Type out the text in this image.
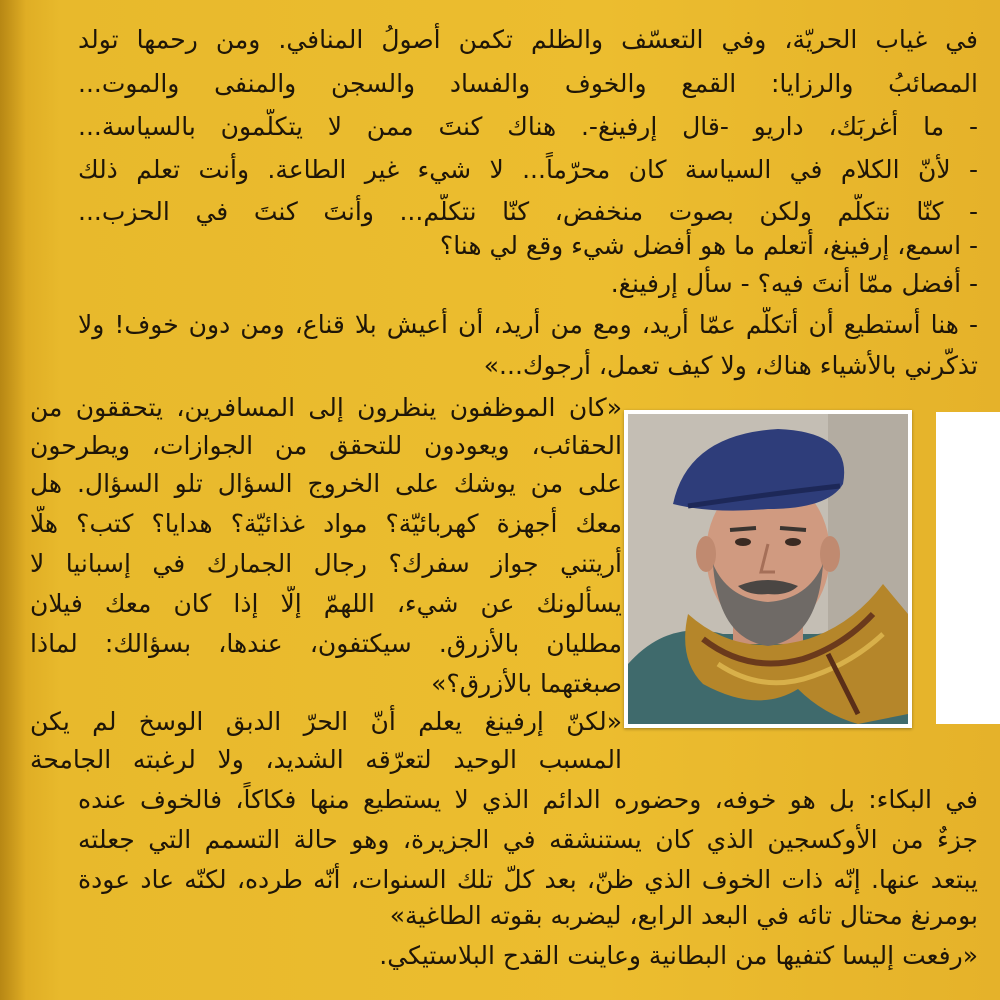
في غياب الحريّة، وفي التعسّف والظلم تكمن أصولُ المنافي. ومن رحمها تولد
المصائبُ والرزايا: القمع والخوف والفساد والسجن والمنفى والموت...
- ما أغربَك، داريو -قال إرفينغ-. هناك كنتَ ممن لا يتكلّمون بالسياسة...
- لأنّ الكلام في السياسة كان محرّماً... لا شيء غير الطاعة. وأنت تعلم ذلك
- كنّا نتكلّم ولكن بصوت منخفض، كنّا نتكلّم... وأنتَ كنتَ في الحزب...
- اسمع، إرفينغ، أتعلم ما هو أفضل شيء وقع لي هنا؟
- أفضل ممّا أنتَ فيه؟ - سأل إرفينغ.
- هنا أستطيع أن أتكلّم عمّا أريد، ومع من أريد، أن أعيش بلا قناع، ومن دون خوف! ولا
تذكّرني بالأشياء هناك، ولا كيف تعمل، أرجوك...»
«كان الموظفون ينظرون إلى المسافرين، يتحققون من
الحقائب، ويعودون للتحقق من الجوازات، ويطرحون
على من يوشك على الخروج السؤال تلو السؤال. هل
معك أجهزة كهربائيّة؟ مواد غذائيّة؟ هدايا؟ كتب؟ هلّا
أريتني جواز سفرك؟ رجال الجمارك في إسبانيا لا
يسألونك عن شيء، اللهمّ إلّا إذا كان معك فيلان
مطليان بالأزرق. سيكتفون، عندها، بسؤالك: لماذا
صبغتهما بالأزرق؟»
«لكنّ إرفينغ يعلم أنّ الحرّ الدبق الوسخ لم يكن
المسبب الوحيد لتعرّقه الشديد، ولا لرغبته الجامحة
في البكاء: بل هو خوفه، وحضوره الدائم الذي لا يستطيع منها فكاكاً، فالخوف عنده
جزءٌ من الأوكسجين الذي كان يستنشقه في الجزيرة، وهو حالة التسمم التي جعلته
يبتعد عنها. إنّه ذات الخوف الذي ظنّ، بعد كلّ تلك السنوات، أنّه طرده، لكنّه عاد عودة
بومرنغ محتال تائه في البعد الرابع، ليضربه بقوته الطاغية»
«رفعت إليسا كتفيها من البطانية وعاينت القدح البلاستيكي.
